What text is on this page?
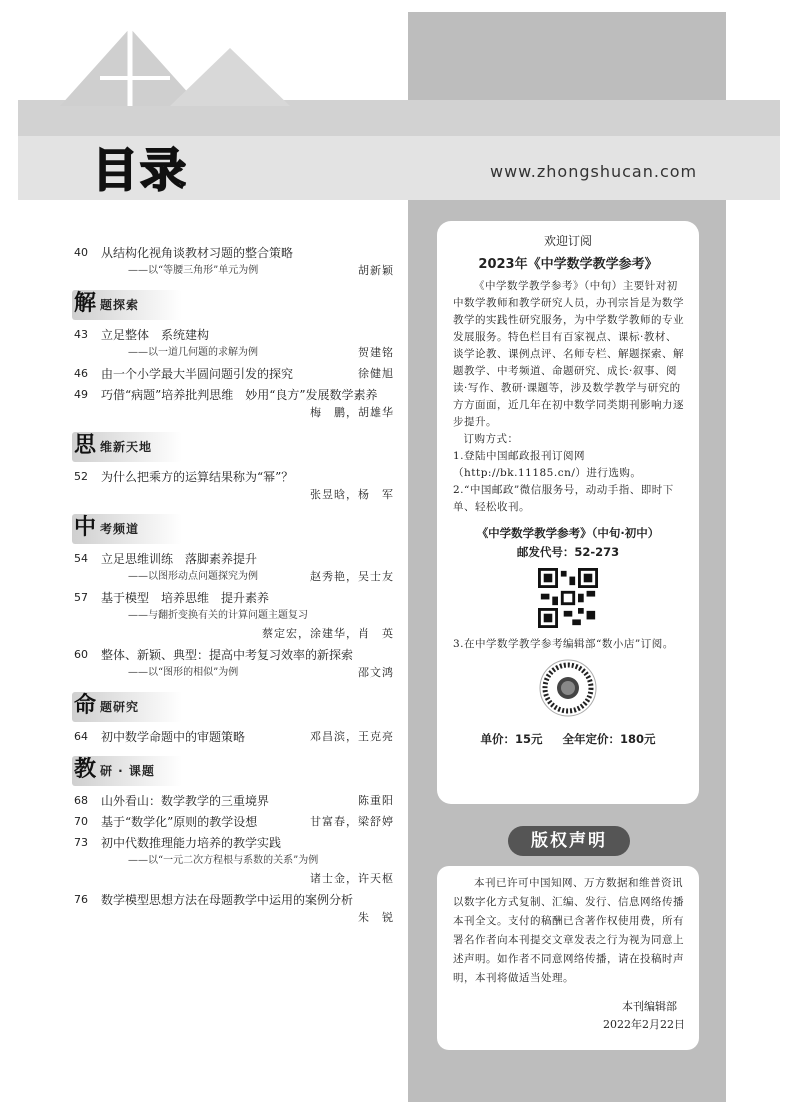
目录	www.zhongshucan.com
40	从结构化视角谈教材习题的整合策略
——以“等腰三角形”单元为例	胡新颖
解 题探索
43	立足整体　系统建构
——以一道几何题的求解为例	贺建铭
46	由一个小学最大半圆问题引发的探究	徐健旭
49	巧借“病题”培养批判思维　妙用“良方”发展数学素养
梅　鹏，胡雄华
思 维新天地
52	为什么把乘方的运算结果称为“幂”？
张昱晗，杨　军
中 考频道
54	立足思维训练　落脚素养提升
——以图形动点问题探究为例	赵秀艳，吴士友
57	基于模型　培养思维　提升素养
——与翻折变换有关的计算问题主题复习
蔡定宏，涂建华，肖　英
60	整体、新颖、典型：提高中考复习效率的新探索
——以“图形的相似”为例	邵文鸿
命 题研究
64	初中数学命题中的审题策略	邓昌滨，王克亮
教 研 · 课题
68	山外看山：数学教学的三重境界	陈重阳
70	基于“数学化”原则的教学设想	甘富春，梁舒婷
73	初中代数推理能力培养的教学实践
——以“一元二次方程根与系数的关系”为例
诸士金，许天枢
76	数学模型思想方法在母题教学中运用的案例分析
朱　锐
欢迎订阅
2023年《中学数学教学参考》
《中学数学教学参考》（中旬）主要针对初中数学教师和教学研究人员，办刊宗旨是为数学教学的实践性研究服务，为中学数学教师的专业发展服务。特色栏目有百家视点、课标·教材、谈学论教、课例点评、名师专栏、解题探索、解题教学、中考频道、命题研究、成长·叙事、阅读·写作、教研·课题等，涉及数学教学与研究的方方面面，近几年在初中数学同类期刊影响力逐步提升。

订购方式：

1.登陆中国邮政报刊订阅网（http://bk.11185.cn/）进行选购。

2.“中国邮政”微信服务号，动动手指、即时下单、轻松收刊。

《中学数学教学参考》（中旬·初中）
邮发代号：52-273
3.在中学数学教学参考编辑部“数小店”订阅。
单价：15元 全年定价：180元
版权声明
本刊已许可中国知网、万方数据和维普资讯以数字化方式复制、汇编、发行、信息网络传播本刊全文。支付的稿酬已含著作权使用费，所有署名作者向本刊提交文章发表之行为视为同意上述声明。如作者不同意网络传播，请在投稿时声明，本刊将做适当处理。
本刊编辑部
2022年2月22日
